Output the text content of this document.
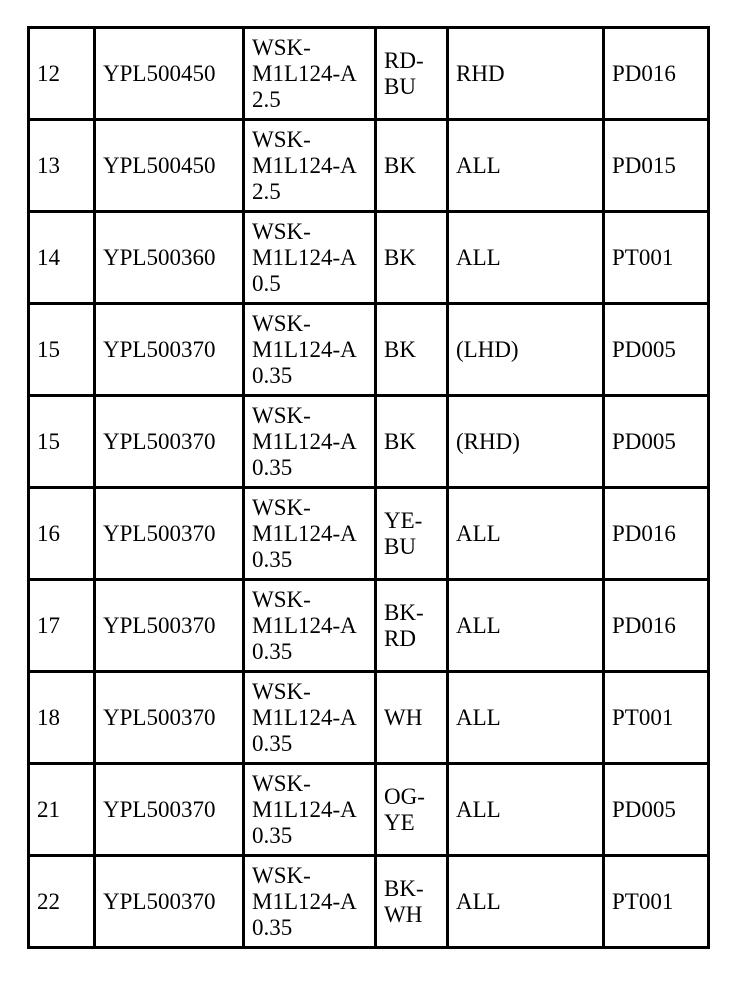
12	YPL500450	WSK-
M1L124-A
2.5	RD-
BU	RHD	PD016
13	YPL500450	WSK-
M1L124-A
2.5	BK	ALL	PD015
14	YPL500360	WSK-
M1L124-A
0.5	BK	ALL	PT001
15	YPL500370	WSK-
M1L124-A
0.35	BK	(LHD)	PD005
15	YPL500370	WSK-
M1L124-A
0.35	BK	(RHD)	PD005
16	YPL500370	WSK-
M1L124-A
0.35	YE-
BU	ALL	PD016
17	YPL500370	WSK-
M1L124-A
0.35	BK-
RD	ALL	PD016
18	YPL500370	WSK-
M1L124-A
0.35	WH	ALL	PT001
21	YPL500370	WSK-
M1L124-A
0.35	OG-
YE	ALL	PD005
22	YPL500370	WSK-
M1L124-A
0.35	BK-
WH	ALL	PT001
